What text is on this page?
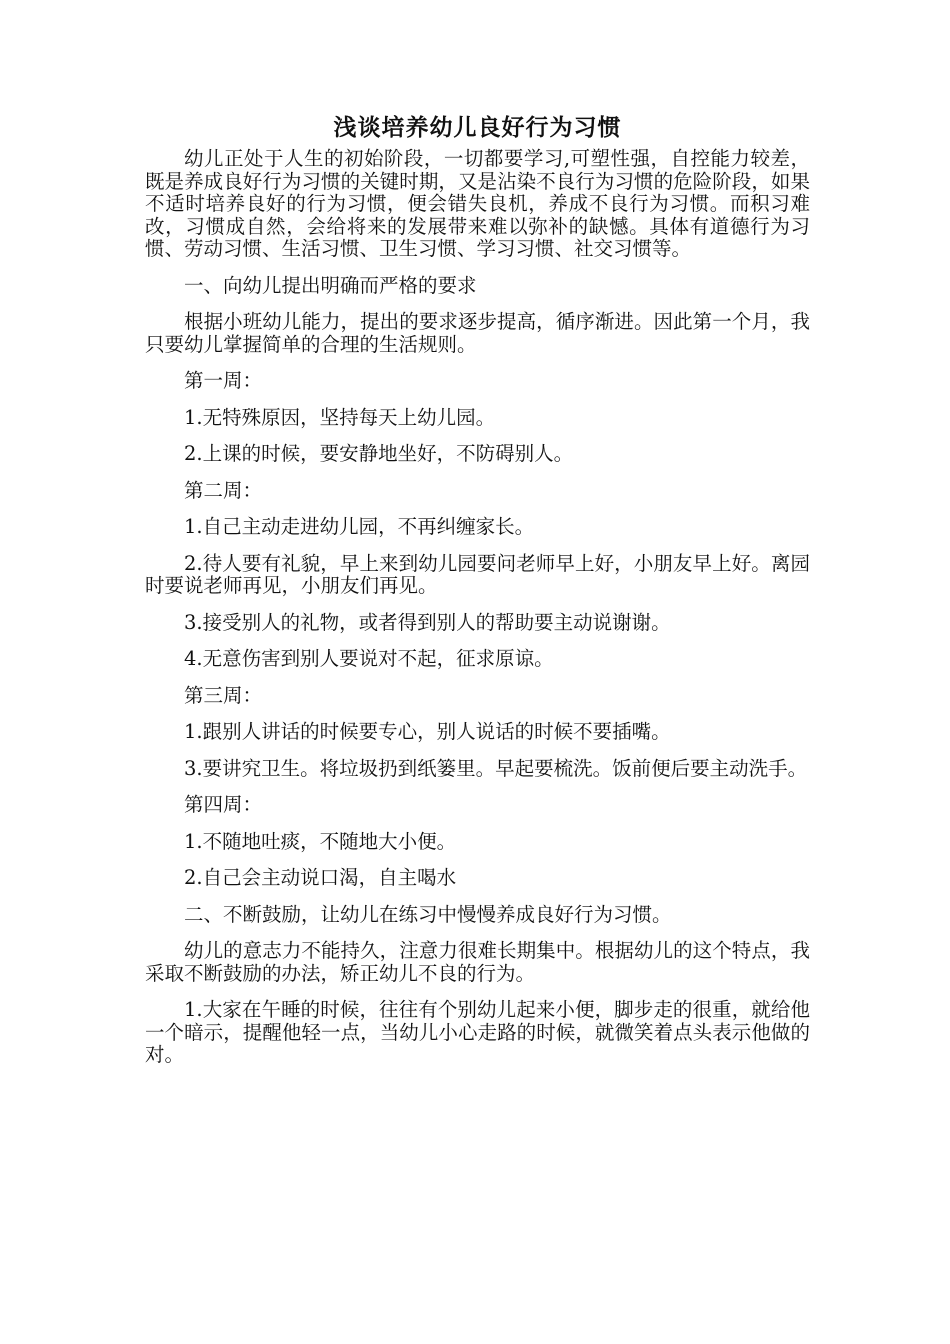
浅谈培养幼儿良好行为习惯

幼儿正处于人生的初始阶段，一切都要学习,可塑性强，自控能力较差，既是养成良好行为习惯的关键时期，又是沾染不良行为习惯的危险阶段，如果不适时培养良好的行为习惯，便会错失良机，养成不良行为习惯。而积习难改，习惯成自然，会给将来的发展带来难以弥补的缺憾。具体有道德行为习惯、劳动习惯、生活习惯、卫生习惯、学习习惯、社交习惯等。

一、向幼儿提出明确而严格的要求

根据小班幼儿能力，提出的要求逐步提高，循序渐进。因此第一个月，我只要幼儿掌握简单的合理的生活规则。

第一周：

1.无特殊原因，坚持每天上幼儿园。

2.上课的时候，要安静地坐好，不防碍别人。

第二周：

1.自己主动走进幼儿园，不再纠缠家长。

2.待人要有礼貌，早上来到幼儿园要问老师早上好，小朋友早上好。离园时要说老师再见，小朋友们再见。

3.接受别人的礼物，或者得到别人的帮助要主动说谢谢。

4.无意伤害到别人要说对不起，征求原谅。

第三周：

1.跟别人讲话的时候要专心，别人说话的时候不要插嘴。

3.要讲究卫生。将垃圾扔到纸篓里。早起要梳洗。饭前便后要主动洗手。

第四周：

1.不随地吐痰，不随地大小便。

2.自己会主动说口渴，自主喝水

二、不断鼓励，让幼儿在练习中慢慢养成良好行为习惯。

幼儿的意志力不能持久，注意力很难长期集中。根据幼儿的这个特点，我采取不断鼓励的办法，矫正幼儿不良的行为。

1.大家在午睡的时候，往往有个别幼儿起来小便，脚步走的很重，就给他一个暗示，提醒他轻一点，当幼儿小心走路的时候，就微笑着点头表示他做的对。
